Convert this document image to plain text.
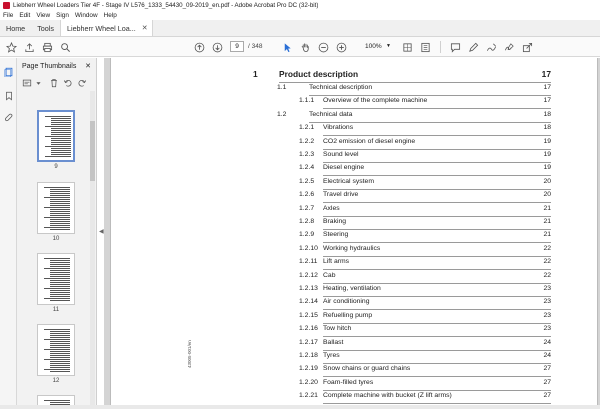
Liebherr Wheel Loaders Tier 4F - Stage IV L576_1333_54430_09-2019_en.pdf - Adobe Acrobat Pro DC (32-bit)
File Edit View Sign Window Help
Home	Tools	Liebherr Wheel Loa... ✕
9	/ 348	100% ▼
Page Thumbnails ✕
9
10
11
12
◀
43005-001/en
1	Product description	17
1.1	Technical description	17
1.1.1 Overview of the complete machine	17
1.2	Technical data	18
1.2.1 Vibrations	18
1.2.2 CO2 emission of diesel engine	19
1.2.3 Sound level	19
1.2.4 Diesel engine	19
1.2.5 Electrical system	20
1.2.6 Travel drive	20
1.2.7 Axles	21
1.2.8 Braking	21
1.2.9 Steering	21
1.2.10 Working hydraulics	22
1.2.11 Lift arms	22
1.2.12 Cab	22
1.2.13 Heating, ventilation	23
1.2.14 Air conditioning	23
1.2.15 Refuelling pump	23
1.2.16 Tow hitch	23
1.2.17 Ballast	24
1.2.18 Tyres	24
1.2.19 Snow chains or guard chains	27
1.2.20 Foam-filled tyres	27
1.2.21 Complete machine with bucket (Z lift arms)	27
